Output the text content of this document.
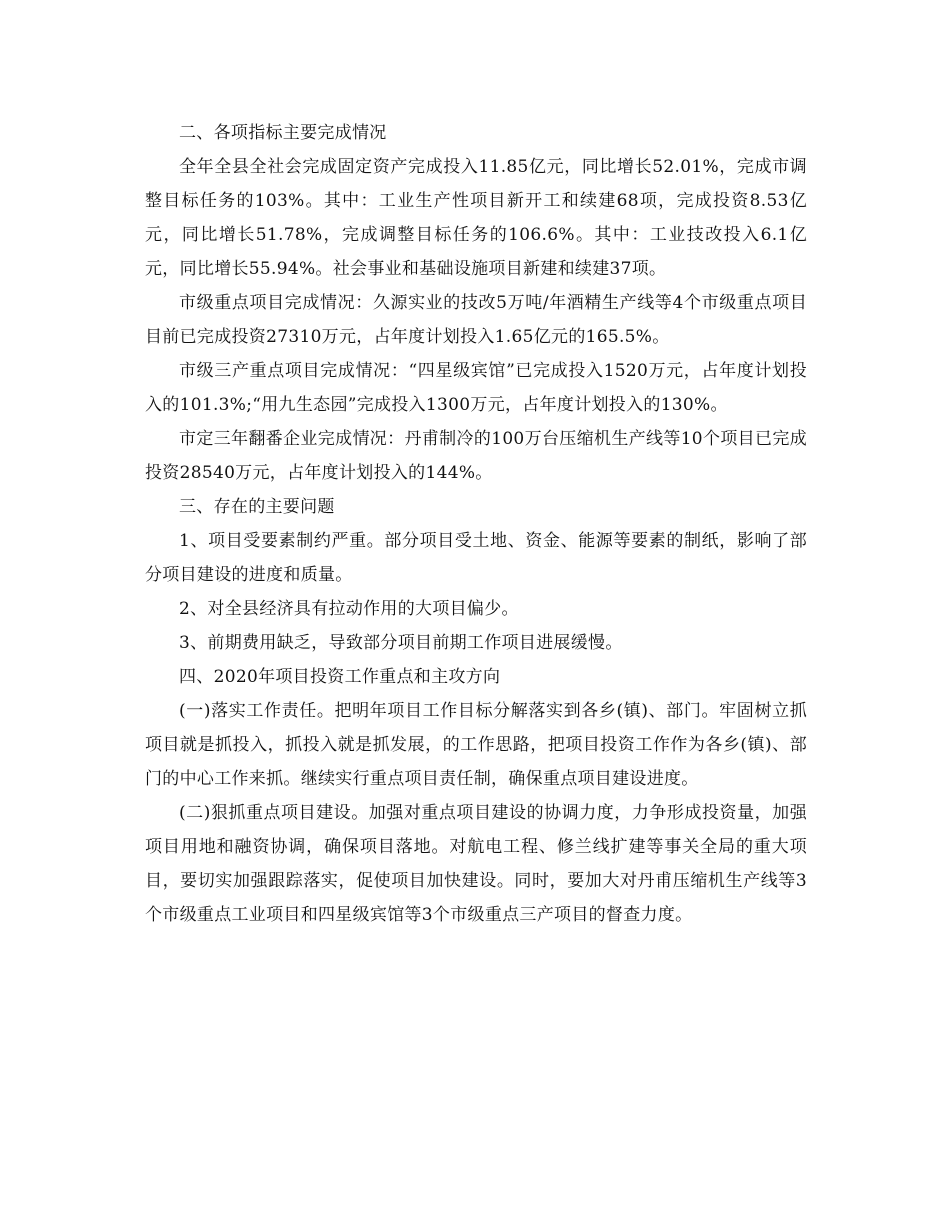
二、各项指标主要完成情况

全年全县全社会完成固定资产完成投入11.85亿元，同比增长52.01%，完成市调整目标任务的103%。其中：工业生产性项目新开工和续建68项，完成投资8.53亿元，同比增长51.78%，完成调整目标任务的106.6%。其中：工业技改投入6.1亿元，同比增长55.94%。社会事业和基础设施项目新建和续建37项。

市级重点项目完成情况：久源实业的技改5万吨/年酒精生产线等4个市级重点项目目前已完成投资27310万元，占年度计划投入1.65亿元的165.5%。

市级三产重点项目完成情况：“四星级宾馆”已完成投入1520万元，占年度计划投入的101.3%;“用九生态园”完成投入1300万元，占年度计划投入的130%。

市定三年翻番企业完成情况：丹甫制冷的100万台压缩机生产线等10个项目已完成投资28540万元，占年度计划投入的144%。

三、存在的主要问题

1、项目受要素制约严重。部分项目受土地、资金、能源等要素的制纸，影响了部分项目建设的进度和质量。

2、对全县经济具有拉动作用的大项目偏少。

3、前期费用缺乏，导致部分项目前期工作项目进展缓慢。

四、2020年项目投资工作重点和主攻方向

(一)落实工作责任。把明年项目工作目标分解落实到各乡(镇)、部门。牢固树立抓项目就是抓投入，抓投入就是抓发展，的工作思路，把项目投资工作作为各乡(镇)、部门的中心工作来抓。继续实行重点项目责任制，确保重点项目建设进度。

(二)狠抓重点项目建设。加强对重点项目建设的协调力度，力争形成投资量，加强项目用地和融资协调，确保项目落地。对航电工程、修兰线扩建等事关全局的重大项目，要切实加强跟踪落实，促使项目加快建设。同时，要加大对丹甫压缩机生产线等3个市级重点工业项目和四星级宾馆等3个市级重点三产项目的督查力度。
